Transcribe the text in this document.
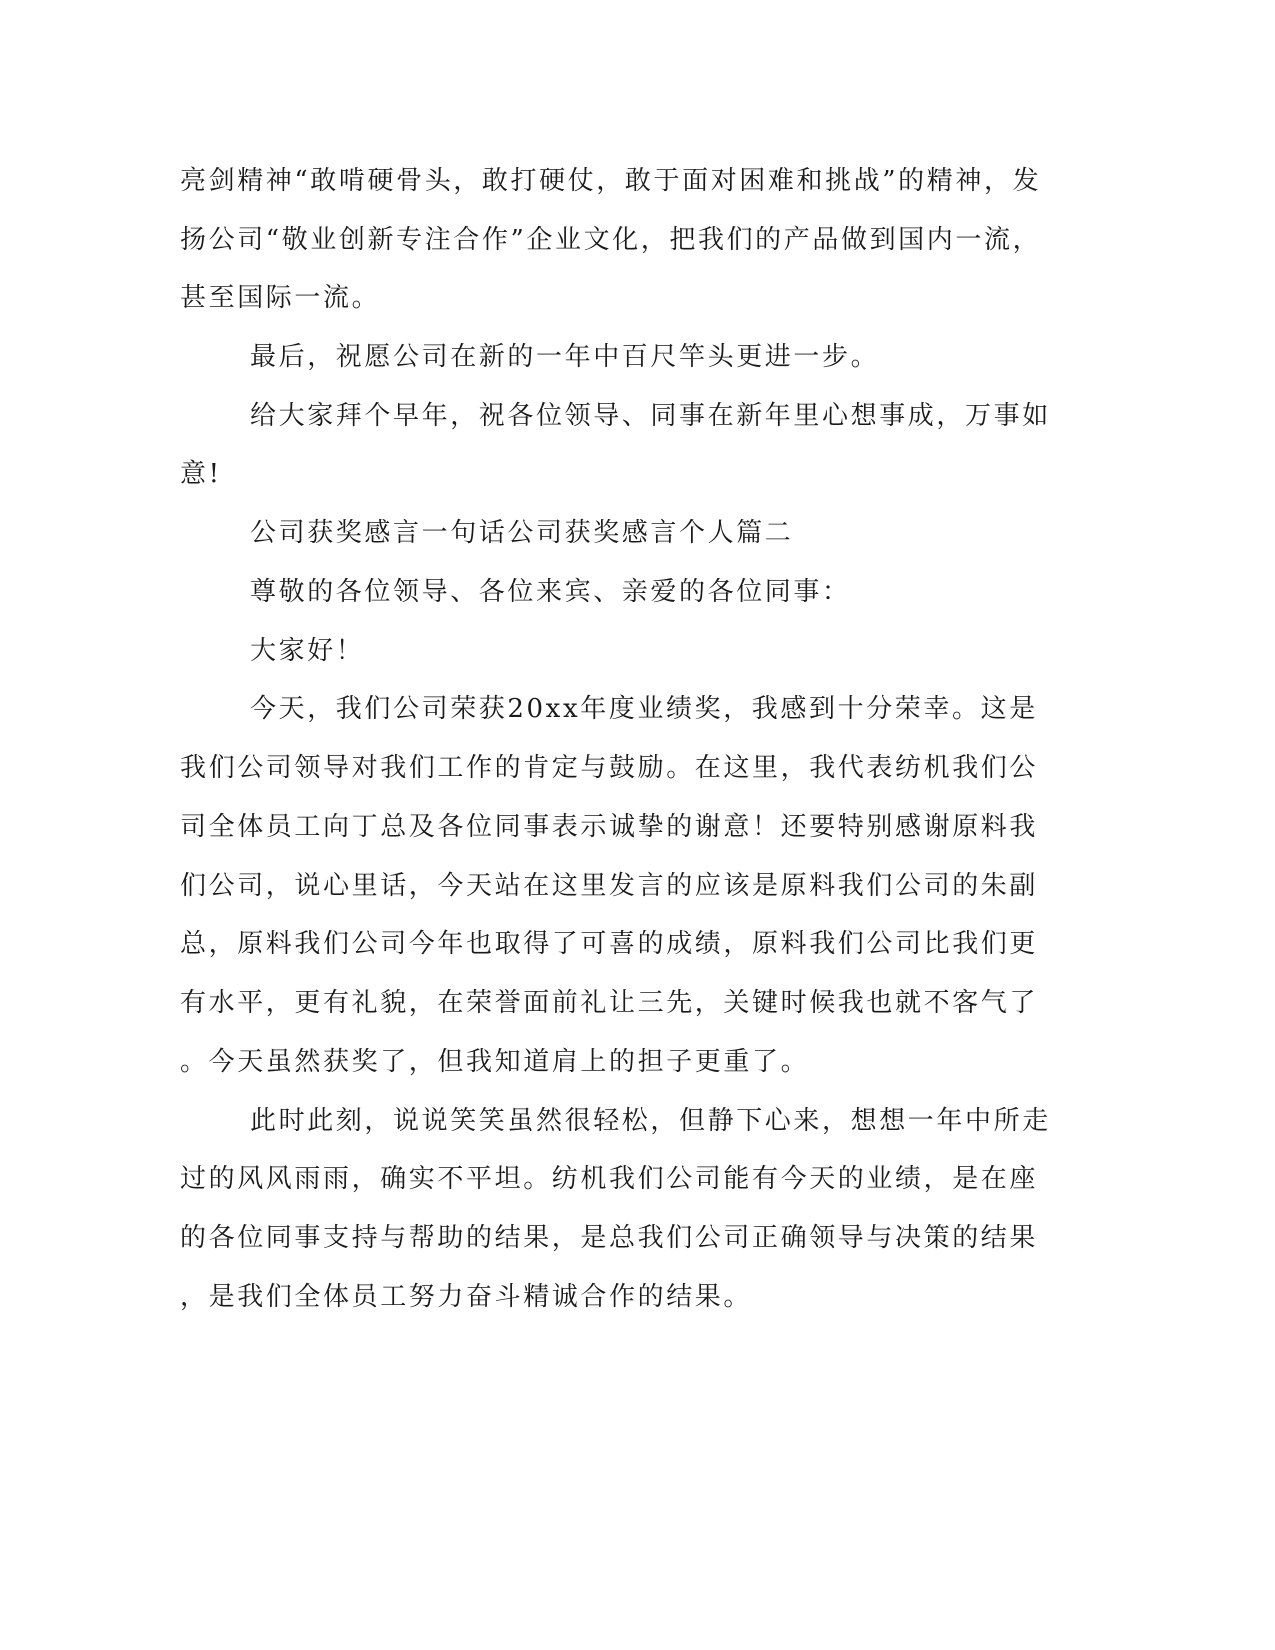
亮剑精神“敢啃硬骨头，敢打硬仗，敢于面对困难和挑战”的精神，发
扬公司“敬业创新专注合作”企业文化，把我们的产品做到国内一流，
甚至国际一流。
最后，祝愿公司在新的一年中百尺竿头更进一步。
给大家拜个早年，祝各位领导、同事在新年里心想事成，万事如
意!
公司获奖感言一句话公司获奖感言个人篇二
尊敬的各位领导、各位来宾、亲爱的各位同事：
大家好！
今天，我们公司荣获20xx年度业绩奖，我感到十分荣幸。这是
我们公司领导对我们工作的肯定与鼓励。在这里，我代表纺机我们公
司全体员工向丁总及各位同事表示诚挚的谢意！还要特别感谢原料我
们公司，说心里话，今天站在这里发言的应该是原料我们公司的朱副
总，原料我们公司今年也取得了可喜的成绩，原料我们公司比我们更
有水平，更有礼貌，在荣誉面前礼让三先，关键时候我也就不客气了
。今天虽然获奖了，但我知道肩上的担子更重了。
此时此刻，说说笑笑虽然很轻松，但静下心来，想想一年中所走
过的风风雨雨，确实不平坦。纺机我们公司能有今天的业绩，是在座
的各位同事支持与帮助的结果，是总我们公司正确领导与决策的结果
，是我们全体员工努力奋斗精诚合作的结果。
